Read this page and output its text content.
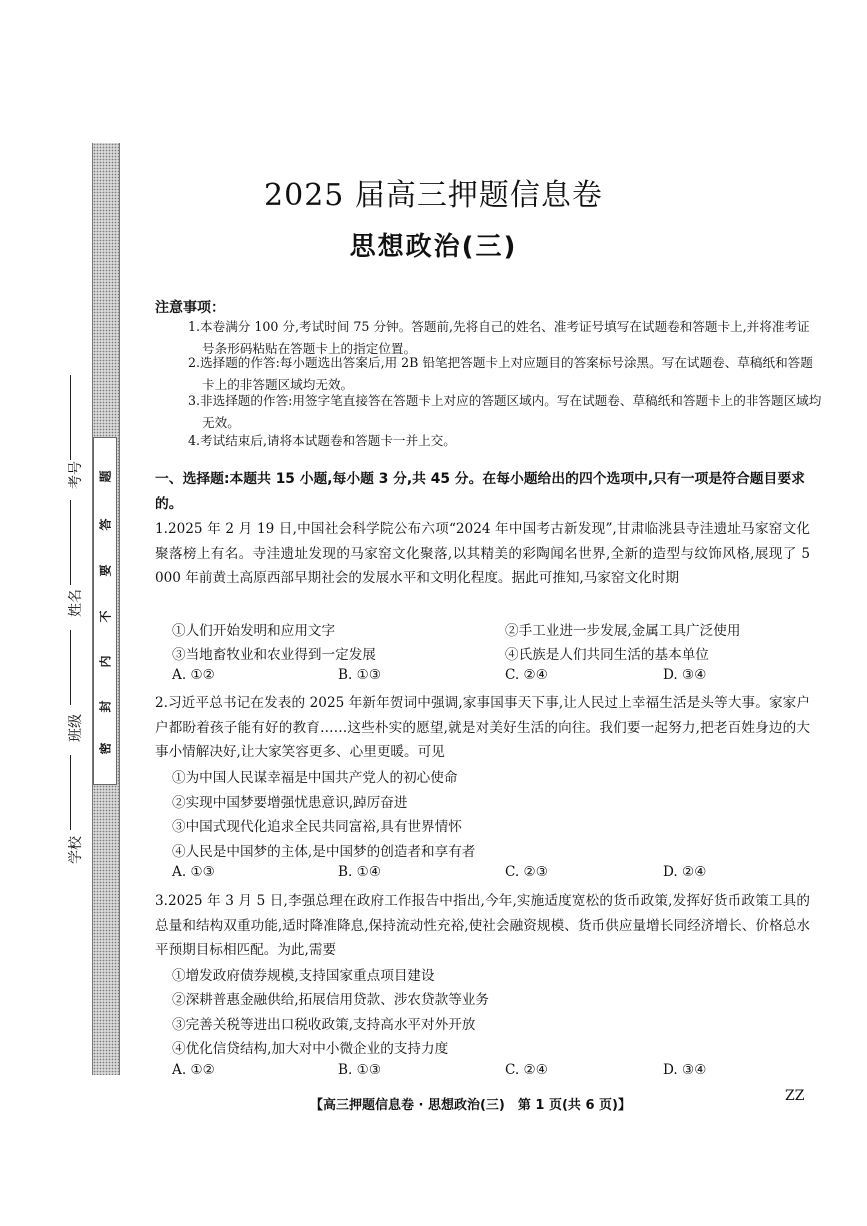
题
答
要
不
内
封
密
考号
姓名
班级
学校
2025 届高三押题信息卷
思想政治(三)
注意事项：
1.本卷满分 100 分,考试时间 75 分钟。答题前,先将自己的姓名、准考证号填写在试题卷和答题卡上,并将准考证号条形码粘贴在答题卡上的指定位置。
2.选择题的作答:每小题选出答案后,用 2B 铅笔把答题卡上对应题目的答案标号涂黑。写在试题卷、草稿纸和答题卡上的非答题区域均无效。
3.非选择题的作答:用签字笔直接答在答题卡上对应的答题区域内。写在试题卷、草稿纸和答题卡上的非答题区域均无效。
4.考试结束后,请将本试题卷和答题卡一并上交。
一、选择题:本题共 15 小题,每小题 3 分,共 45 分。在每小题给出的四个选项中,只有一项是符合题目要求的。
1.2025 年 2 月 19 日,中国社会科学院公布六项“2024 年中国考古新发现”,甘肃临洮县寺洼遗址马家窑文化聚落榜上有名。寺洼遗址发现的马家窑文化聚落,以其精美的彩陶闻名世界,全新的造型与纹饰风格,展现了 5 000 年前黄土高原西部早期社会的发展水平和文明化程度。据此可推知,马家窑文化时期
①人们开始发明和应用文字	②手工业进一步发展,金属工具广泛使用
③当地畜牧业和农业得到一定发展	④氏族是人们共同生活的基本单位
A. ①②	B. ①③	C. ②④	D. ③④
2.习近平总书记在发表的 2025 年新年贺词中强调,家事国事天下事,让人民过上幸福生活是头等大事。家家户户都盼着孩子能有好的教育……这些朴实的愿望,就是对美好生活的向往。我们要一起努力,把老百姓身边的大事小情解决好,让大家笑容更多、心里更暖。可见
①为中国人民谋幸福是中国共产党人的初心使命
②实现中国梦要增强忧患意识,踔厉奋进
③中国式现代化追求全民共同富裕,具有世界情怀
④人民是中国梦的主体,是中国梦的创造者和享有者
A. ①③	B. ①④	C. ②③	D. ②④
3.2025 年 3 月 5 日,李强总理在政府工作报告中指出,今年,实施适度宽松的货币政策,发挥好货币政策工具的总量和结构双重功能,适时降准降息,保持流动性充裕,使社会融资规模、货币供应量增长同经济增长、价格总水平预期目标相匹配。为此,需要
①增发政府债券规模,支持国家重点项目建设
②深耕普惠金融供给,拓展信用贷款、涉农贷款等业务
③完善关税等进出口税收政策,支持高水平对外开放
④优化信贷结构,加大对中小微企业的支持力度
A. ①②	B. ①③	C. ②④	D. ③④
【高三押题信息卷 · 思想政治(三)　第 1 页(共 6 页)】
ZZ
